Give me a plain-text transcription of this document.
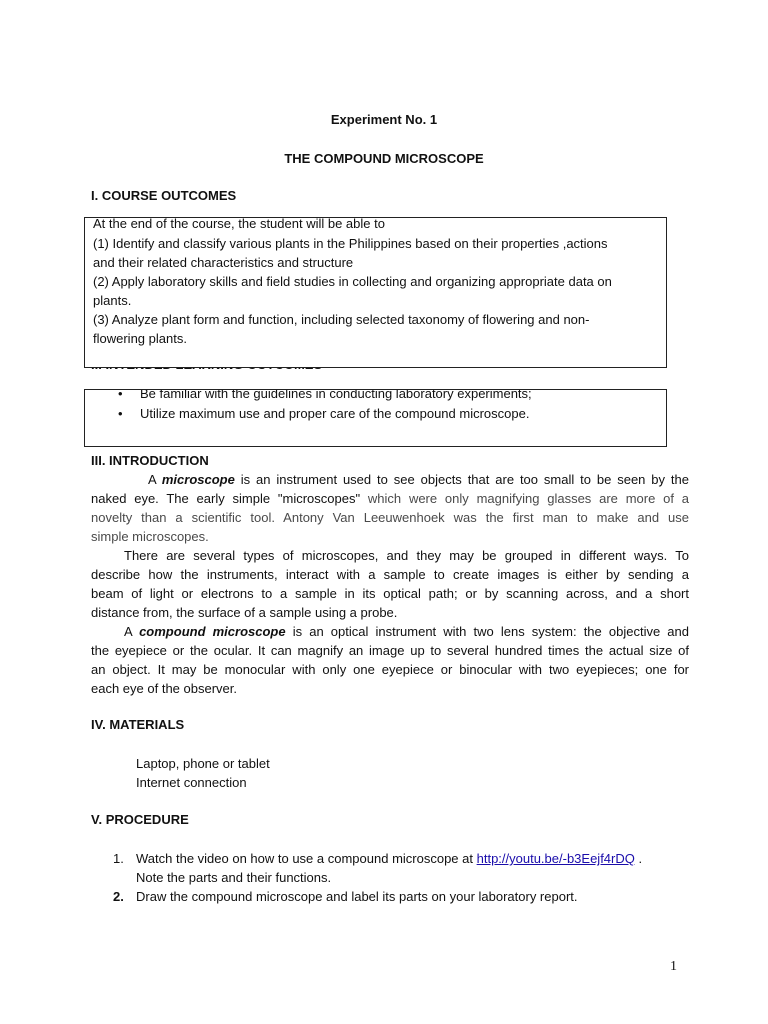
Experiment No. 1
THE COMPOUND MICROSCOPE
I. COURSE OUTCOMES
At the end of the course, the student will be able to
(1) Identify and classify various plants in the Philippines based on their properties ,actions
and their related characteristics and structure
(2) Apply laboratory skills and field studies in collecting and organizing appropriate data on
plants.
(3) Analyze plant form and function, including selected taxonomy of flowering and non-
flowering plants.
• Be familiar with the guidelines in conducting laboratory experiments;
• Utilize maximum use and proper care of the compound microscope.
III. INTRODUCTION
A microscope is an instrument used to see objects that are too small to be seen by the
naked eye. The early simple "microscopes" which were only magnifying glasses are more of a
novelty than a scientific tool. Antony Van Leeuwenhoek was the first man to make and use
simple microscopes.
There are several types of microscopes, and they may be grouped in different ways. To
describe how the instruments, interact with a sample to create images is either by sending a
beam of light or electrons to a sample in its optical path; or by scanning across, and a short
distance from, the surface of a sample using a probe.
A compound microscope is an optical instrument with two lens system: the objective and
the eyepiece or the ocular. It can magnify an image up to several hundred times the actual size of
an object. It may be monocular with only one eyepiece or binocular with two eyepieces; one for
each eye of the observer.
IV. MATERIALS
Laptop, phone or tablet
Internet connection
V. PROCEDURE
1. Watch the video on how to use a compound microscope at http://youtu.be/-b3Eejf4rDQ .
Note the parts and their functions.
2. Draw the compound microscope and label its parts on your laboratory report.
1
